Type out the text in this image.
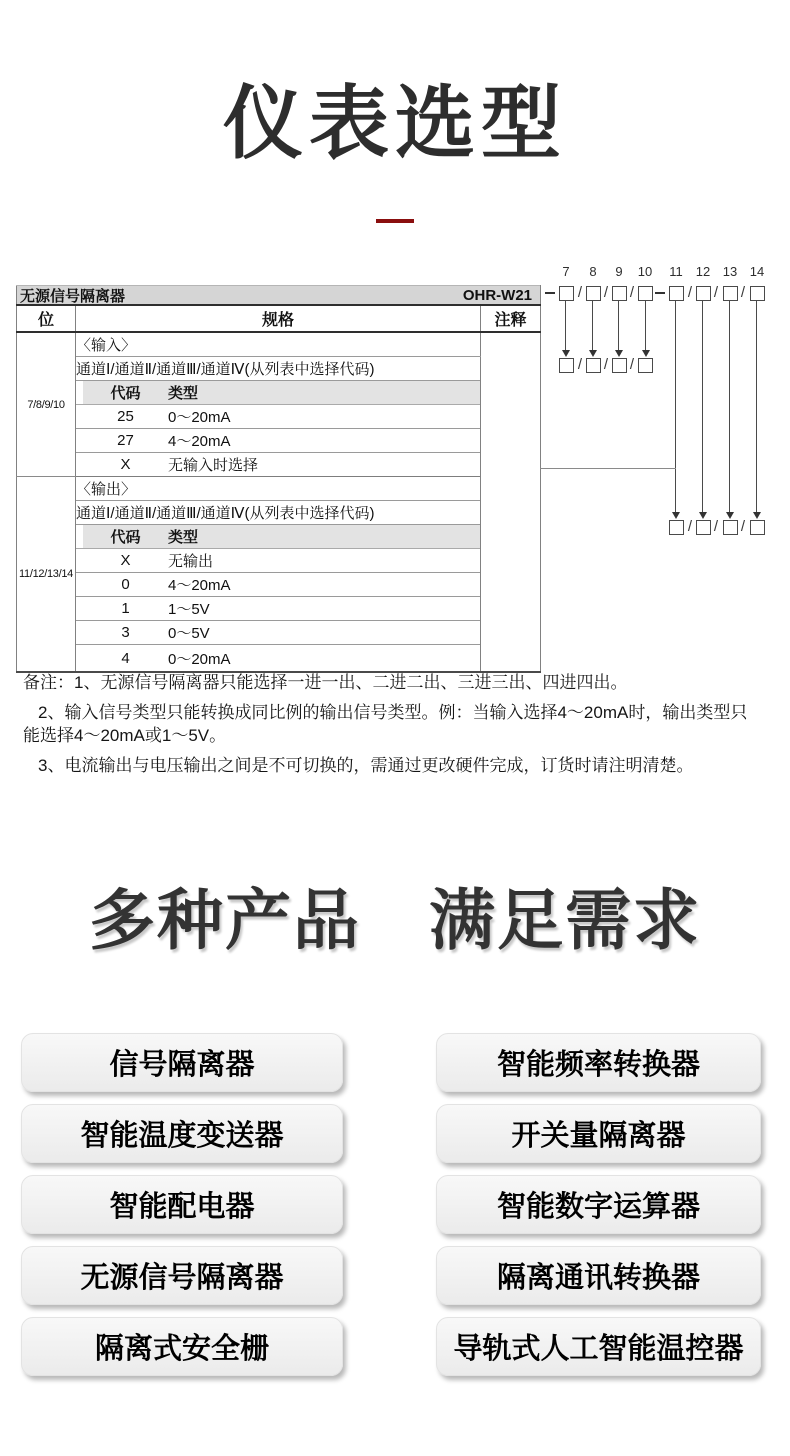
仪表选型
无源信号隔离器 OHR-W21		

位	规格	注释
7/8/9/10	〈输入〉	
	通道Ⅰ/通道Ⅱ/通道Ⅲ/通道Ⅳ(从列表中选择代码)	

	代码 类型	

	25 0～20mA	

	27 4～20mA	

	X 无输入时选择	

11/12/13/14	〈输出〉	
	通道Ⅰ/通道Ⅱ/通道Ⅲ/通道Ⅳ(从列表中选择代码)	

	代码 类型	

	X 无输出	

	0 4～20mA	

	1 1～5V	

	3 0～5V	

	4 0～20mA	
7	8	9	10	11	12 13 14
/ / /	/ / /
/ / /
/ / /

备注：1、无源信号隔离器只能选择一进一出、二进二出、三进三出、四进四出。

2、输入信号类型只能转换成同比例的输出信号类型。例：当输入选择4～20mA时，输出类型只能选择4～20mA或1～5V。

3、电流输出与电压输出之间是不可切换的，需通过更改硬件完成，订货时请注明清楚。

多种产品　满足需求
信号隔离器	智能频率转换器
智能温度变送器	开关量隔离器
智能配电器	智能数字运算器
无源信号隔离器	隔离通讯转换器
隔离式安全栅	导轨式人工智能温控器
